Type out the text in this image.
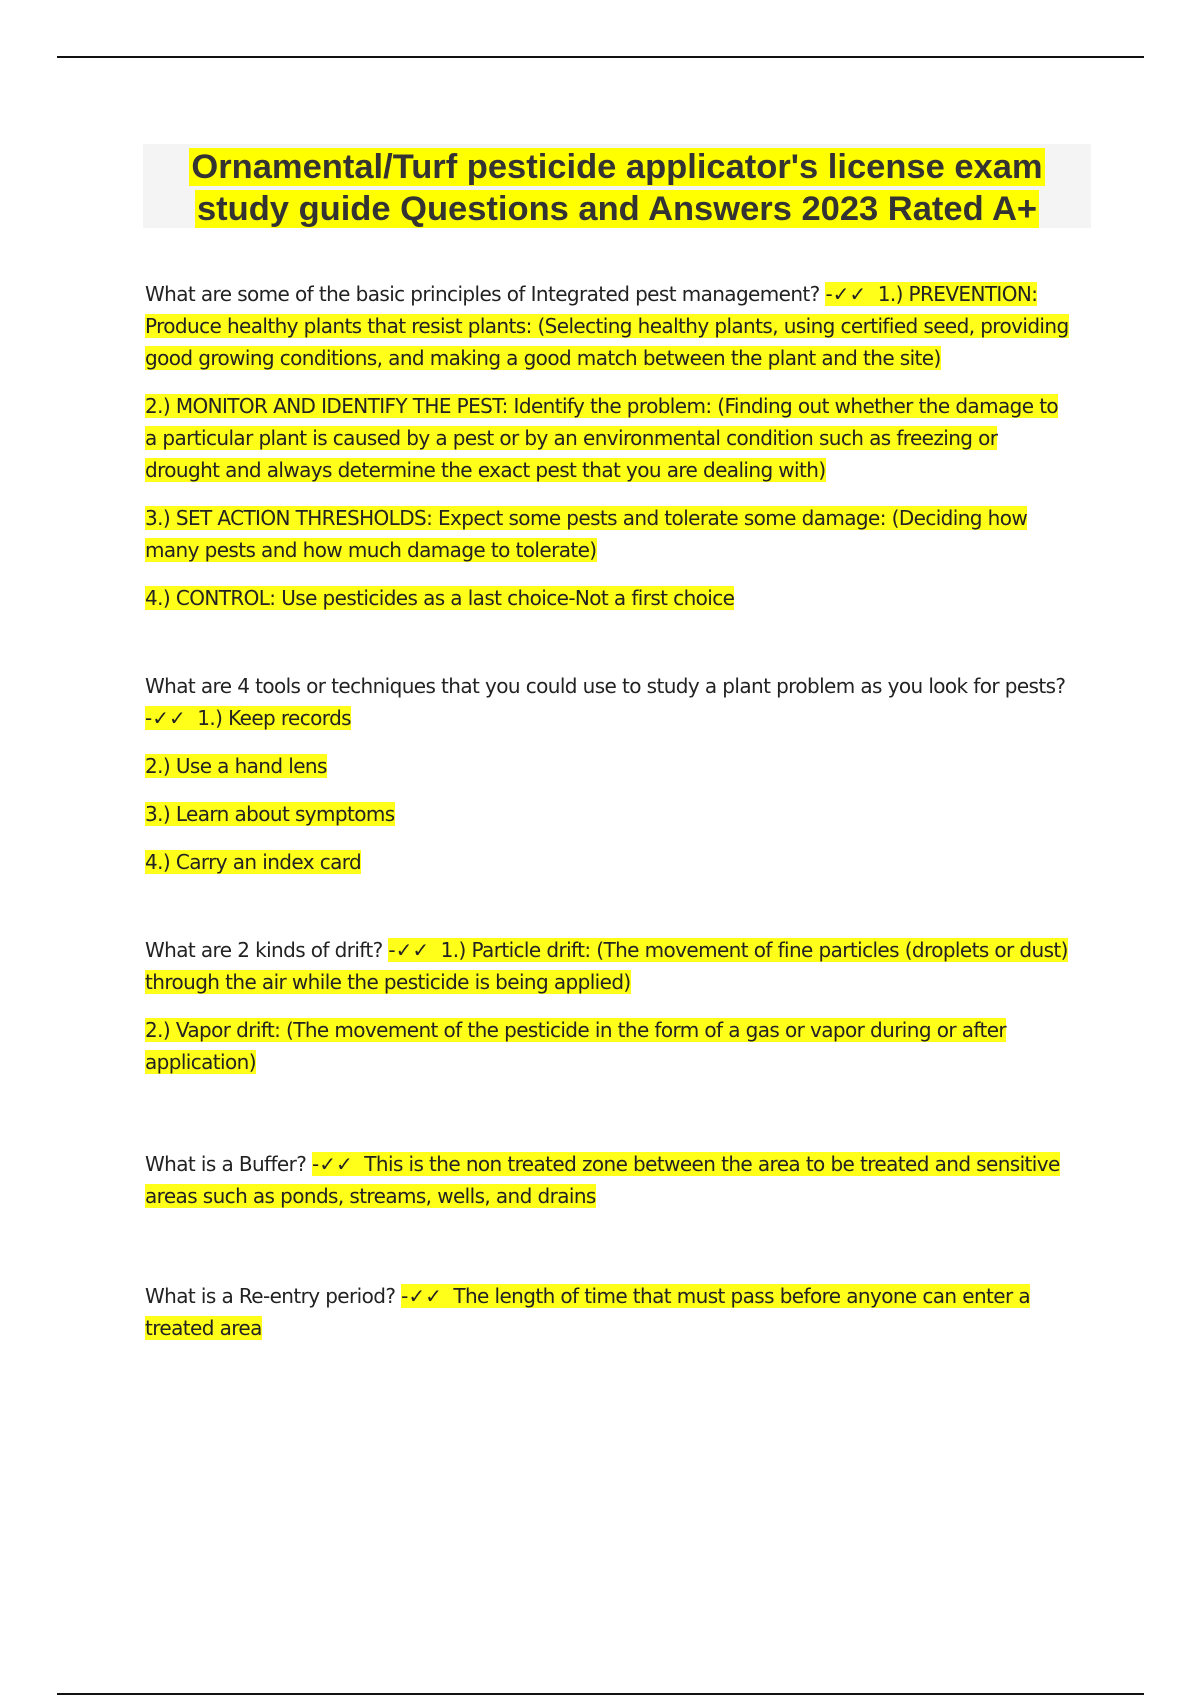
Ornamental/Turf pesticide applicator's license exam
study guide Questions and Answers 2023 Rated A+

What are some of the basic principles of Integrated pest management? -✓✓ 1.) PREVENTION: Produce healthy plants that resist plants: (Selecting healthy plants, using certified seed, providing good growing conditions, and making a good match between the plant and the site)

2.) MONITOR AND IDENTIFY THE PEST: Identify the problem: (Finding out whether the damage to a particular plant is caused by a pest or by an environmental condition such as freezing or drought and always determine the exact pest that you are dealing with)

3.) SET ACTION THRESHOLDS: Expect some pests and tolerate some damage: (Deciding how many pests and how much damage to tolerate)

4.) CONTROL: Use pesticides as a last choice-Not a first choice

What are 4 tools or techniques that you could use to study a plant problem as you look for pests? -✓✓ 1.) Keep records

2.) Use a hand lens

3.) Learn about symptoms

4.) Carry an index card

What are 2 kinds of drift? -✓✓ 1.) Particle drift: (The movement of fine particles (droplets or dust) through the air while the pesticide is being applied)

2.) Vapor drift: (The movement of the pesticide in the form of a gas or vapor during or after application)

What is a Buffer? -✓✓ This is the non treated zone between the area to be treated and sensitive areas such as ponds, streams, wells, and drains

What is a Re-entry period? -✓✓ The length of time that must pass before anyone can enter a treated area
